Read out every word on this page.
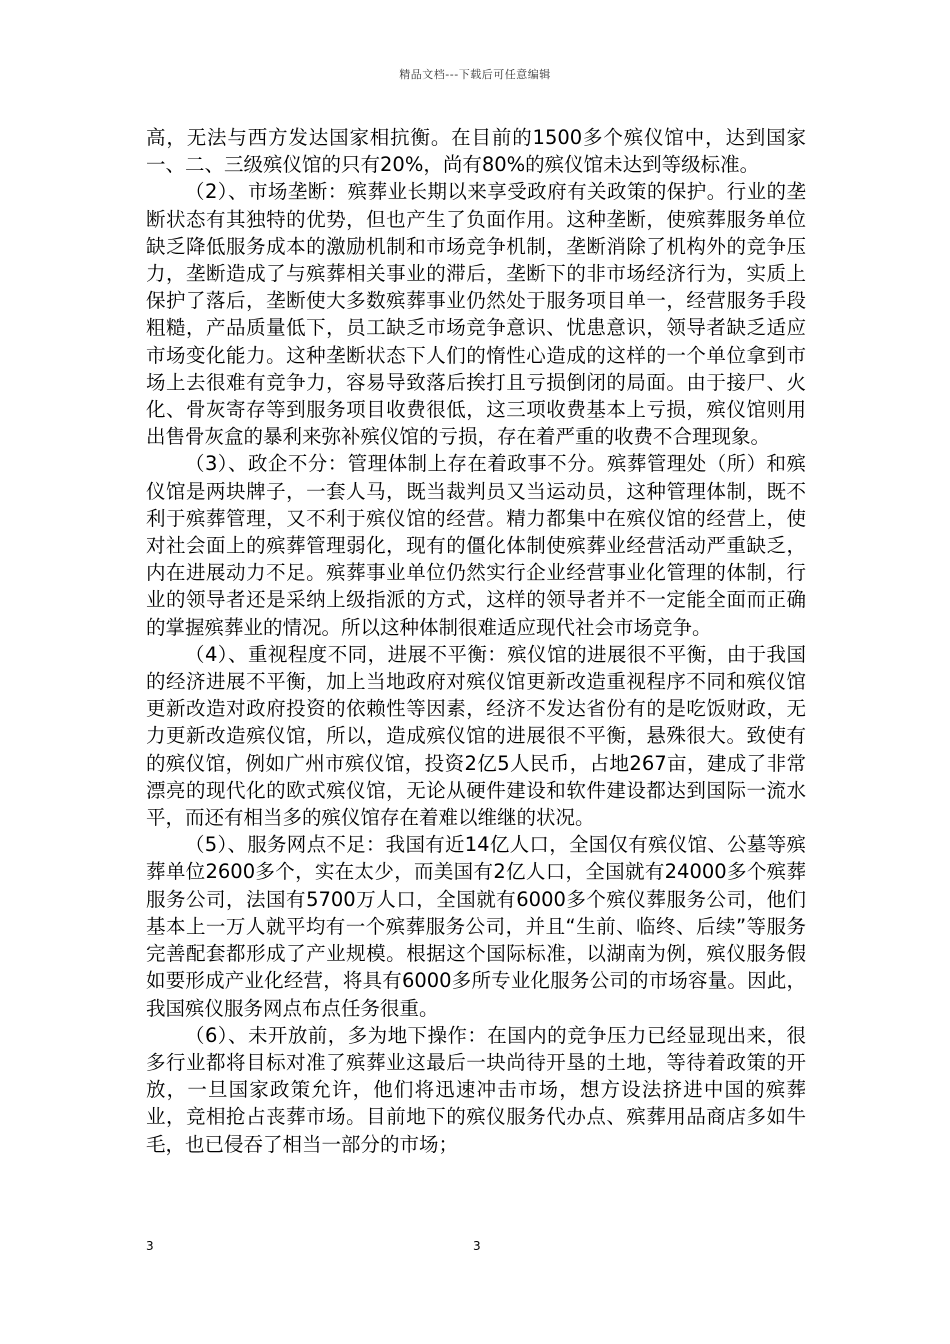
精品文档---下载后可任意编辑

高，无法与西方发达国家相抗衡。在目前的1500多个殡仪馆中，达到国家一、二、三级殡仪馆的只有20%，尚有80%的殡仪馆未达到等级标准。

（2）、市场垄断：殡葬业长期以来享受政府有关政策的保护。行业的垄断状态有其独特的优势，但也产生了负面作用。这种垄断，使殡葬服务单位缺乏降低服务成本的激励机制和市场竞争机制，垄断消除了机构外的竞争压力，垄断造成了与殡葬相关事业的滞后，垄断下的非市场经济行为，实质上保护了落后，垄断使大多数殡葬事业仍然处于服务项目单一，经营服务手段粗糙，产品质量低下，员工缺乏市场竞争意识、忧患意识，领导者缺乏适应市场变化能力。这种垄断状态下人们的惰性心造成的这样的一个单位拿到市场上去很难有竞争力，容易导致落后挨打且亏损倒闭的局面。由于接尸、火化、骨灰寄存等到服务项目收费很低，这三项收费基本上亏损，殡仪馆则用出售骨灰盒的暴利来弥补殡仪馆的亏损，存在着严重的收费不合理现象。

（3）、政企不分：管理体制上存在着政事不分。殡葬管理处（所）和殡仪馆是两块牌子，一套人马，既当裁判员又当运动员，这种管理体制，既不利于殡葬管理，又不利于殡仪馆的经营。精力都集中在殡仪馆的经营上，使对社会面上的殡葬管理弱化，现有的僵化体制使殡葬业经营活动严重缺乏，内在进展动力不足。殡葬事业单位仍然实行企业经营事业化管理的体制，行业的领导者还是采纳上级指派的方式，这样的领导者并不一定能全面而正确的掌握殡葬业的情况。所以这种体制很难适应现代社会市场竞争。

（4）、重视程度不同，进展不平衡：殡仪馆的进展很不平衡，由于我国的经济进展不平衡，加上当地政府对殡仪馆更新改造重视程序不同和殡仪馆更新改造对政府投资的依赖性等因素，经济不发达省份有的是吃饭财政，无力更新改造殡仪馆，所以，造成殡仪馆的进展很不平衡，悬殊很大。致使有的殡仪馆，例如广州市殡仪馆，投资2亿5人民币，占地267亩，建成了非常漂亮的现代化的欧式殡仪馆，无论从硬件建设和软件建设都达到国际一流水平，而还有相当多的殡仪馆存在着难以维继的状况。

（5）、服务网点不足：我国有近14亿人口，全国仅有殡仪馆、公墓等殡葬单位2600多个，实在太少，而美国有2亿人口，全国就有24000多个殡葬服务公司，法国有5700万人口，全国就有6000多个殡仪葬服务公司，他们基本上一万人就平均有一个殡葬服务公司，并且“生前、临终、后续”等服务完善配套都形成了产业规模。根据这个国际标准，以湖南为例，殡仪服务假如要形成产业化经营，将具有6000多所专业化服务公司的市场容量。因此，我国殡仪服务网点布点任务很重。

（6）、未开放前，多为地下操作：在国内的竞争压力已经显现出来，很多行业都将目标对准了殡葬业这最后一块尚待开垦的土地，等待着政策的开放，一旦国家政策允许，他们将迅速冲击市场，想方设法挤进中国的殡葬业，竞相抢占丧葬市场。目前地下的殡仪服务代办点、殡葬用品商店多如牛毛，也已侵吞了相当一部分的市场；

3	3
